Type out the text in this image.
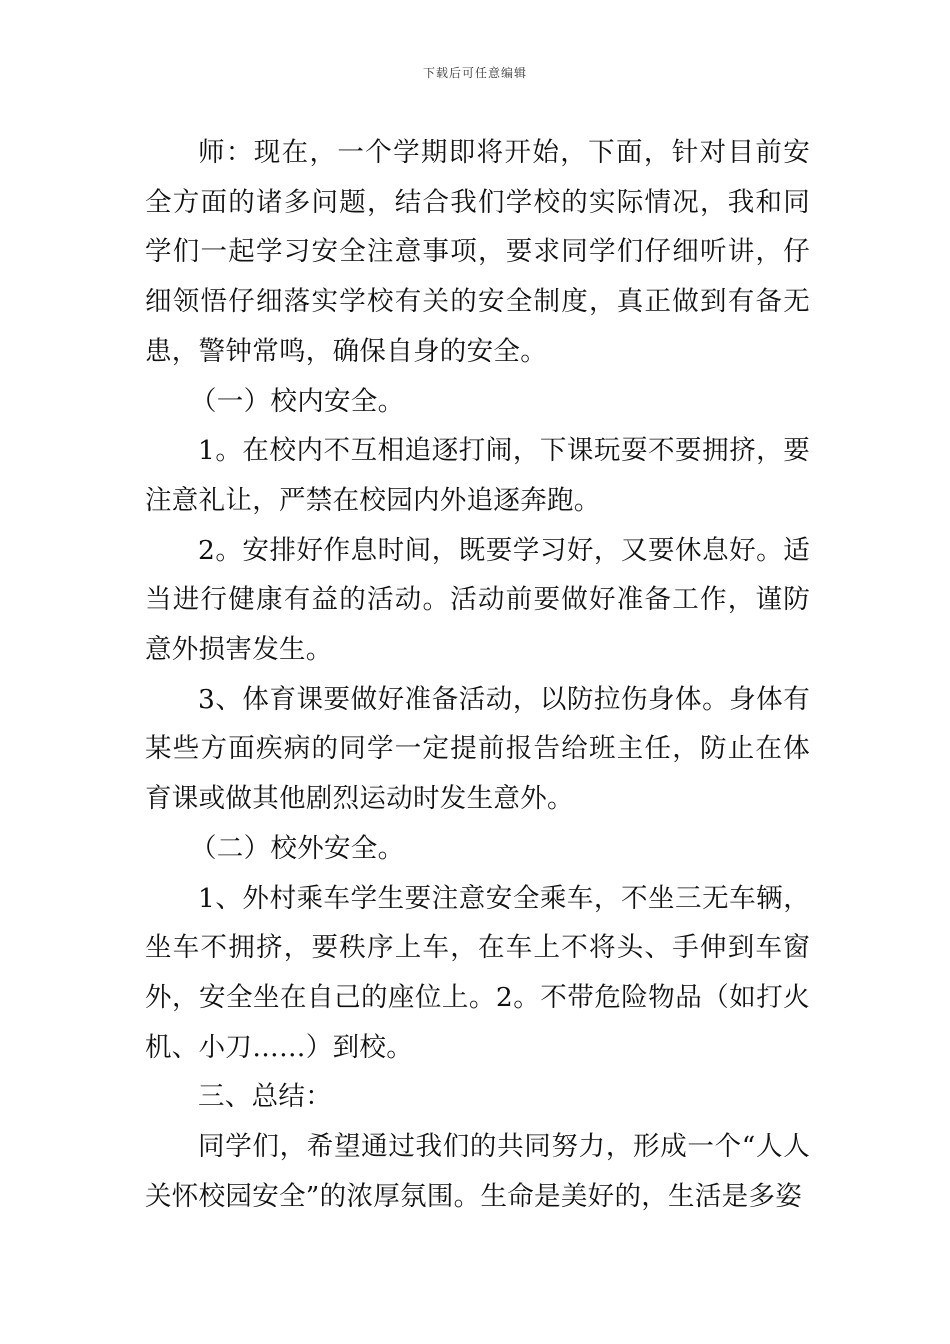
下载后可任意编辑

师：现在，一个学期即将开始，下面，针对目前安全方面的诸多问题，结合我们学校的实际情况，我和同学们一起学习安全注意事项，要求同学们仔细听讲，仔细领悟仔细落实学校有关的安全制度，真正做到有备无患，警钟常鸣，确保自身的安全。

（一）校内安全。

1。在校内不互相追逐打闹，下课玩耍不要拥挤，要注意礼让，严禁在校园内外追逐奔跑。

2。安排好作息时间，既要学习好，又要休息好。适当进行健康有益的活动。活动前要做好准备工作，谨防意外损害发生。

3、体育课要做好准备活动，以防拉伤身体。身体有某些方面疾病的同学一定提前报告给班主任，防止在体育课或做其他剧烈运动时发生意外。

（二）校外安全。

1、外村乘车学生要注意安全乘车，不坐三无车辆，坐车不拥挤，要秩序上车，在车上不将头、手伸到车窗外，安全坐在自己的座位上。2。不带危险物品（如打火机、小刀……）到校。

三、总结：

同学们，希望通过我们的共同努力，形成一个“人人关怀校园安全”的浓厚氛围。生命是美好的，生活是多姿
